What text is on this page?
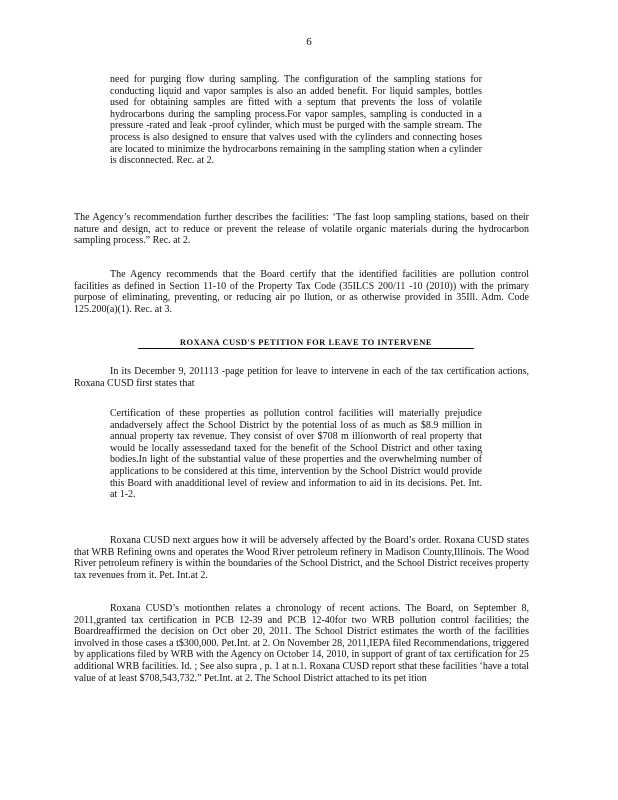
6

need for purging flow during sampling. The configuration of the sampling stations for conducting liquid and vapor samples is also an added benefit. For liquid samples, bottles used for obtaining samples are fitted with a septum that prevents the loss of volatile hydrocarbons during the sampling process.For vapor samples, sampling is conducted in a pressure -rated and leak -proof cylinder, which must be purged with the sample stream. The process is also designed to ensure that valves used with the cylinders and connecting hoses are located to minimize the hydrocarbons remaining in the sampling station when a cylinder is disconnected. Rec. at 2.

The Agency’s recommendation further describes the facilities: ‘The fast loop sampling stations, based on their nature and design, act to reduce or prevent the release of volatile organic materials during the hydrocarbon sampling process.” Rec. at 2.

The Agency recommends that the Board certify that the identified facilities are pollution control facilities as defined in Section 11-10 of the Property Tax Code (35ILCS 200/11 -10 (2010)) with the primary purpose of eliminating, preventing, or reducing air po llution, or as otherwise provided in 35Ill. Adm. Code 125.200(a)(1). Rec. at 3.

ROXANA CUSD'S PETITION FOR LEAVE TO INTERVENE

In its December 9, 201113 -page petition for leave to intervene in each of the tax certification actions, Roxana CUSD first states that

Certification of these properties as pollution control facilities will materially prejudice andadversely affect the School District by the potential loss of as much as $8.9 million in annual property tax revenue. They consist of over $708 m illionworth of real property that would be locally assessedand taxed for the benefit of the School District and other taxing bodies.In light of the substantial value of these properties and the overwhelming number of applications to be considered at this time, intervention by the School District would provide this Board with anadditional level of review and information to aid in its decisions. Pet. Int. at 1-2.

Roxana CUSD next argues how it will be adversely affected by the Board’s order. Roxana CUSD states that WRB Refining owns and operates the Wood River petroleum refinery in Madison County,Illinois. The Wood River petroleum refinery is within the boundaries of the School District, and the School District receives property tax revenues from it. Pet. Int.at 2.

Roxana CUSD’s motionthen relates a chronology of recent actions. The Board, on September 8, 2011,granted tax certification in PCB 12-39 and PCB 12-40for two WRB pollution control facilities; the Boardreaffirmed the decision on Oct ober 20, 2011. The School District estimates the worth of the facilities involved in those cases a t$300,000. Pet.Int. at 2. On November 28, 2011,IEPA filed Recommendations, triggered by applications filed by WRB with the Agency on October 14, 2010, in support of grant of tax certification for 25 additional WRB facilities. Id. ; See also supra , p. 1 at n.1. Roxana CUSD report sthat these facilities ‘have a total value of at least $708,543,732.” Pet.Int. at 2. The School District attached to its pet ition
